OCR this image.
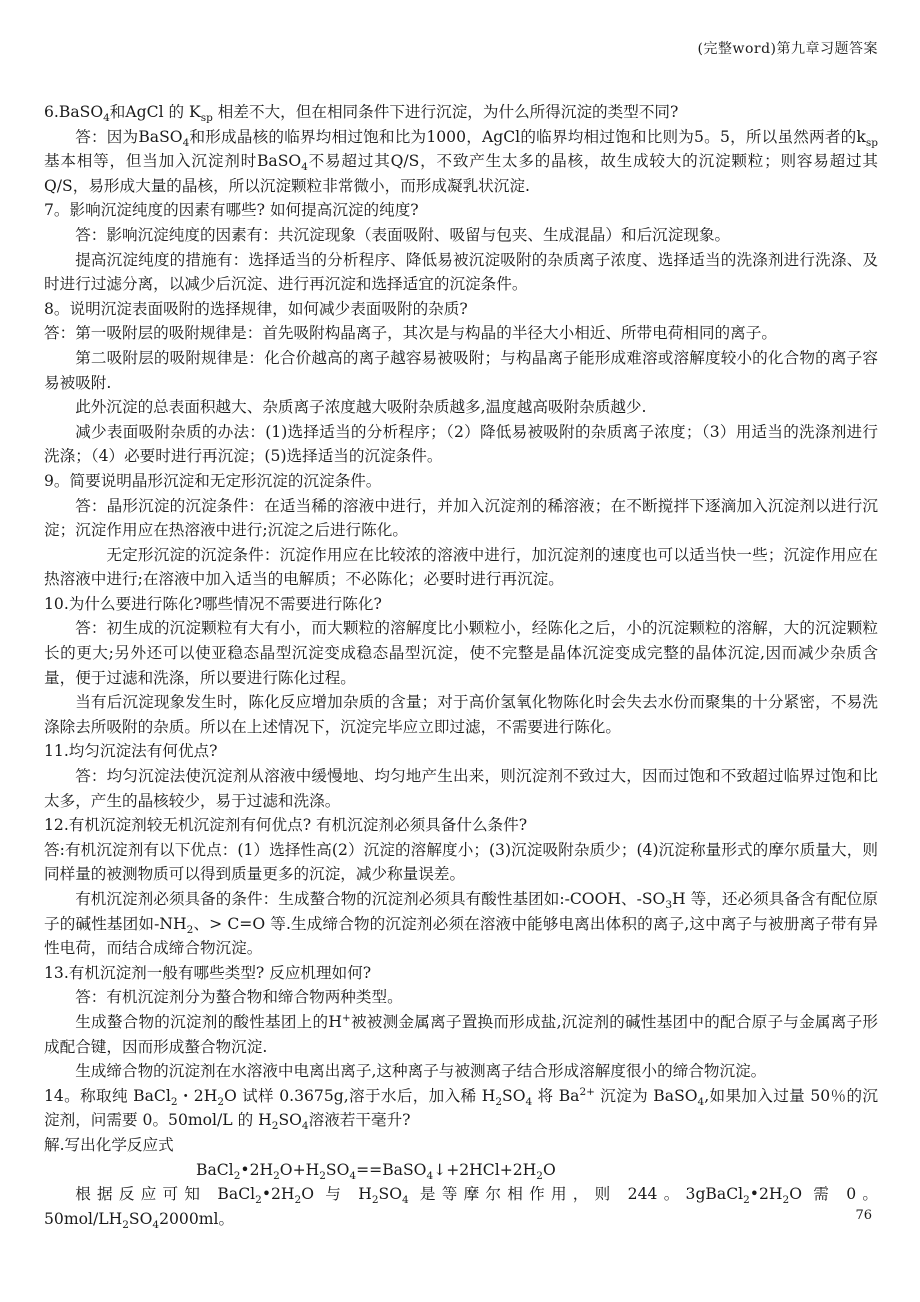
(完整word)第九章习题答案

6.BaSO$_4$和AgCl 的 $K_{sp}$ 相差不大，但在相同条件下进行沉淀，为什么所得沉淀的类型不同?

答：因为BaSO$_4$和形成晶核的临界均相过饱和比为1000，AgCl的临界均相过饱和比则为5。5，所以虽然两者的$k_{sp}$基本相等，但当加入沉淀剂时BaSO$_4$不易超过其Q/S，不致产生太多的晶核，故生成较大的沉淀颗粒；则容易超过其Q/S，易形成大量的晶核，所以沉淀颗粒非常微小，而形成凝乳状沉淀.

7。影响沉淀纯度的因素有哪些? 如何提高沉淀的纯度?

答：影响沉淀纯度的因素有：共沉淀现象（表面吸附、吸留与包夹、生成混晶）和后沉淀现象。

提高沉淀纯度的措施有：选择适当的分析程序、降低易被沉淀吸附的杂质离子浓度、选择适当的洗涤剂进行洗涤、及时进行过滤分离，以减少后沉淀、进行再沉淀和选择适宜的沉淀条件。

8。说明沉淀表面吸附的选择规律，如何减少表面吸附的杂质?

答：第一吸附层的吸附规律是：首先吸附构晶离子，其次是与构晶的半径大小相近、所带电荷相同的离子。

第二吸附层的吸附规律是：化合价越高的离子越容易被吸附；与构晶离子能形成难溶或溶解度较小的化合物的离子容易被吸附.

此外沉淀的总表面积越大、杂质离子浓度越大吸附杂质越多,温度越高吸附杂质越少.

减少表面吸附杂质的办法：(1)选择适当的分析程序；（2）降低易被吸附的杂质离子浓度；（3）用适当的洗涤剂进行洗涤；（4）必要时进行再沉淀；(5)选择适当的沉淀条件。

9。简要说明晶形沉淀和无定形沉淀的沉淀条件。

答：晶形沉淀的沉淀条件：在适当稀的溶液中进行，并加入沉淀剂的稀溶液；在不断搅拌下逐滴加入沉淀剂以进行沉淀；沉淀作用应在热溶液中进行;沉淀之后进行陈化。

无定形沉淀的沉淀条件：沉淀作用应在比较浓的溶液中进行，加沉淀剂的速度也可以适当快一些；沉淀作用应在热溶液中进行;在溶液中加入适当的电解质；不必陈化；必要时进行再沉淀。

10.为什么要进行陈化?哪些情况不需要进行陈化?

答：初生成的沉淀颗粒有大有小，而大颗粒的溶解度比小颗粒小，经陈化之后，小的沉淀颗粒的溶解，大的沉淀颗粒长的更大;另外还可以使亚稳态晶型沉淀变成稳态晶型沉淀，使不完整是晶体沉淀变成完整的晶体沉淀,因而减少杂质含量，便于过滤和洗涤，所以要进行陈化过程。

当有后沉淀现象发生时，陈化反应增加杂质的含量；对于高价氢氧化物陈化时会失去水份而聚集的十分紧密，不易洗涤除去所吸附的杂质。所以在上述情况下，沉淀完毕应立即过滤，不需要进行陈化。

11.均匀沉淀法有何优点?

答：均匀沉淀法使沉淀剂从溶液中缓慢地、均匀地产生出来，则沉淀剂不致过大，因而过饱和不致超过临界过饱和比太多，产生的晶核较少，易于过滤和洗涤。

12.有机沉淀剂较无机沉淀剂有何优点? 有机沉淀剂必须具备什么条件?

答:有机沉淀剂有以下优点：(1）选择性高(2）沉淀的溶解度小；(3)沉淀吸附杂质少；(4)沉淀称量形式的摩尔质量大，则同样量的被测物质可以得到质量更多的沉淀，减少称量误差。

有机沉淀剂必须具备的条件：生成螯合物的沉淀剂必须具有酸性基团如:-COOH、$-SO_3H$ 等，还必须具备含有配位原子的碱性基团如$-NH_2$、> C=O 等.生成缔合物的沉淀剂必须在溶液中能够电离出体积的离子,这中离子与被册离子带有异性电荷，而结合成缔合物沉淀。

13.有机沉淀剂一般有哪些类型? 反应机理如何?

答：有机沉淀剂分为螯合物和缔合物两种类型。

生成螯合物的沉淀剂的酸性基团上的H+被被测金属离子置换而形成盐,沉淀剂的碱性基团中的配合原子与金属离子形成配合键，因而形成螯合物沉淀.

生成缔合物的沉淀剂在水溶液中电离出离子,这种离子与被测离子结合形成溶解度很小的缔合物沉淀。

14。称取纯 BaCl$_2$・$2H_2O$ 试样 0.3675g,溶于水后，加入稀 $H_2SO_4$ 将 $Ba^{2+}$ 沉淀为 BaSO$_4$,如果加入过量 50％的沉淀剂，问需要 0。50mol/L 的 $H_2SO_4$溶液若干毫升?

解.写出化学反应式

$BaCl_2•2H_2O+H_2SO_4==BaSO_4↓+2HCl+2H_2O$

根据反应可知 $BaCl_2•2H_2O$ 与 $H_2SO_4$ 是等摩尔相作用，则 244。$3gBaCl_2•2H_2O$ 需 0。$50mol/LH_2SO_42000ml$。	76
